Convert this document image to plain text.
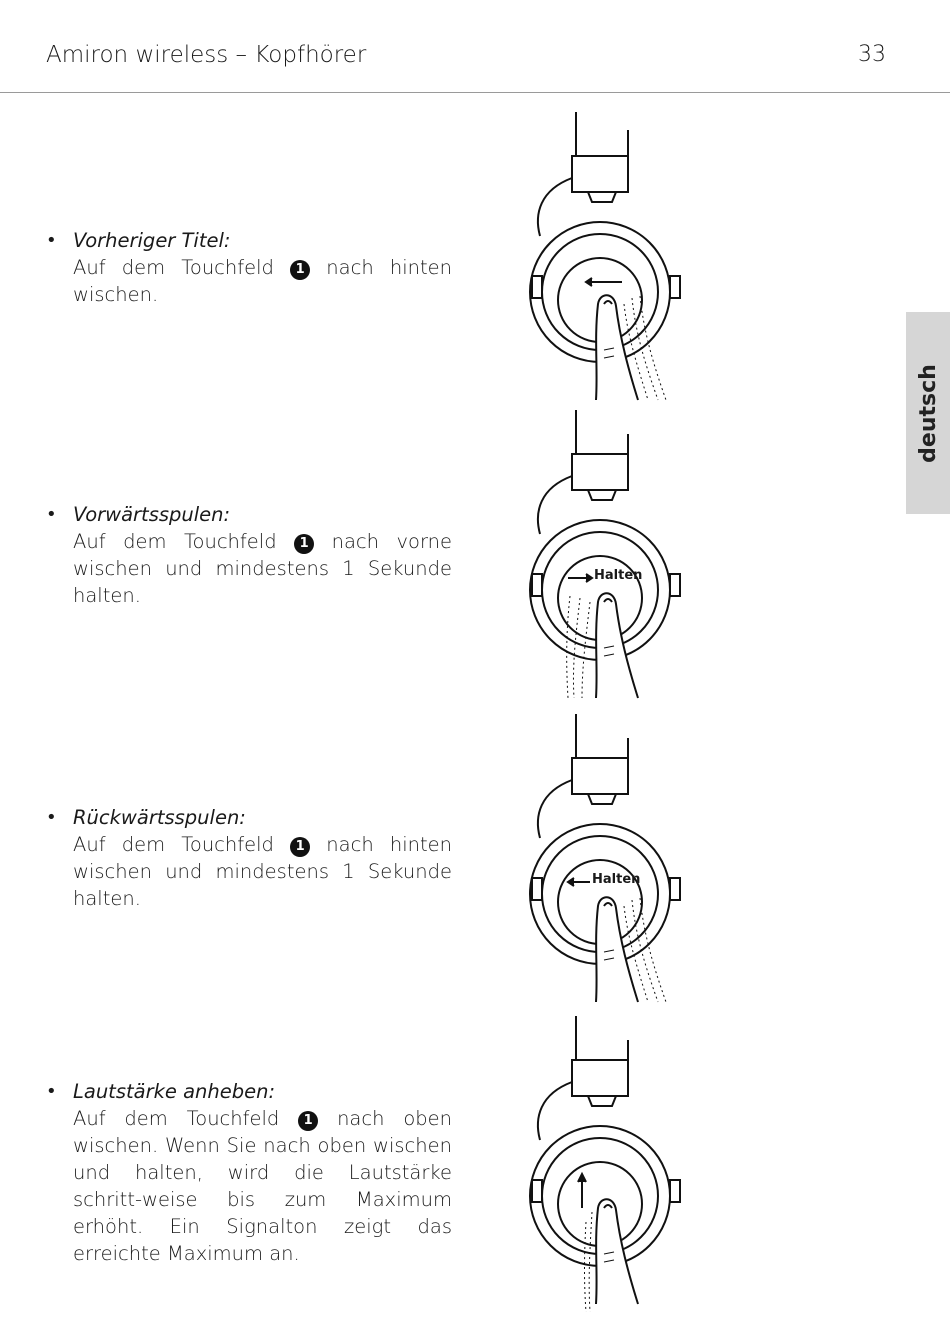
Amiron wireless – Kopfhörer	33
deutsch
• Vorheriger Titel:
Auf dem Touchfeld 1 nach hinten wischen.
• Vorwärtsspulen:
Auf dem Touchfeld 1 nach vorne wischen und mindestens 1 Sekunde halten.
• Rückwärtsspulen:
Auf dem Touchfeld 1 nach hinten wischen und mindestens 1 Sekunde halten.
• Lautstärke anheben:
Auf dem Touchfeld 1 nach oben wischen. Wenn Sie nach oben wischen und halten, wird die Lautstärke schritt-weise bis zum Maximum erhöht. Ein Signalton zeigt das erreichte Maximum an.
Halten
Halten
